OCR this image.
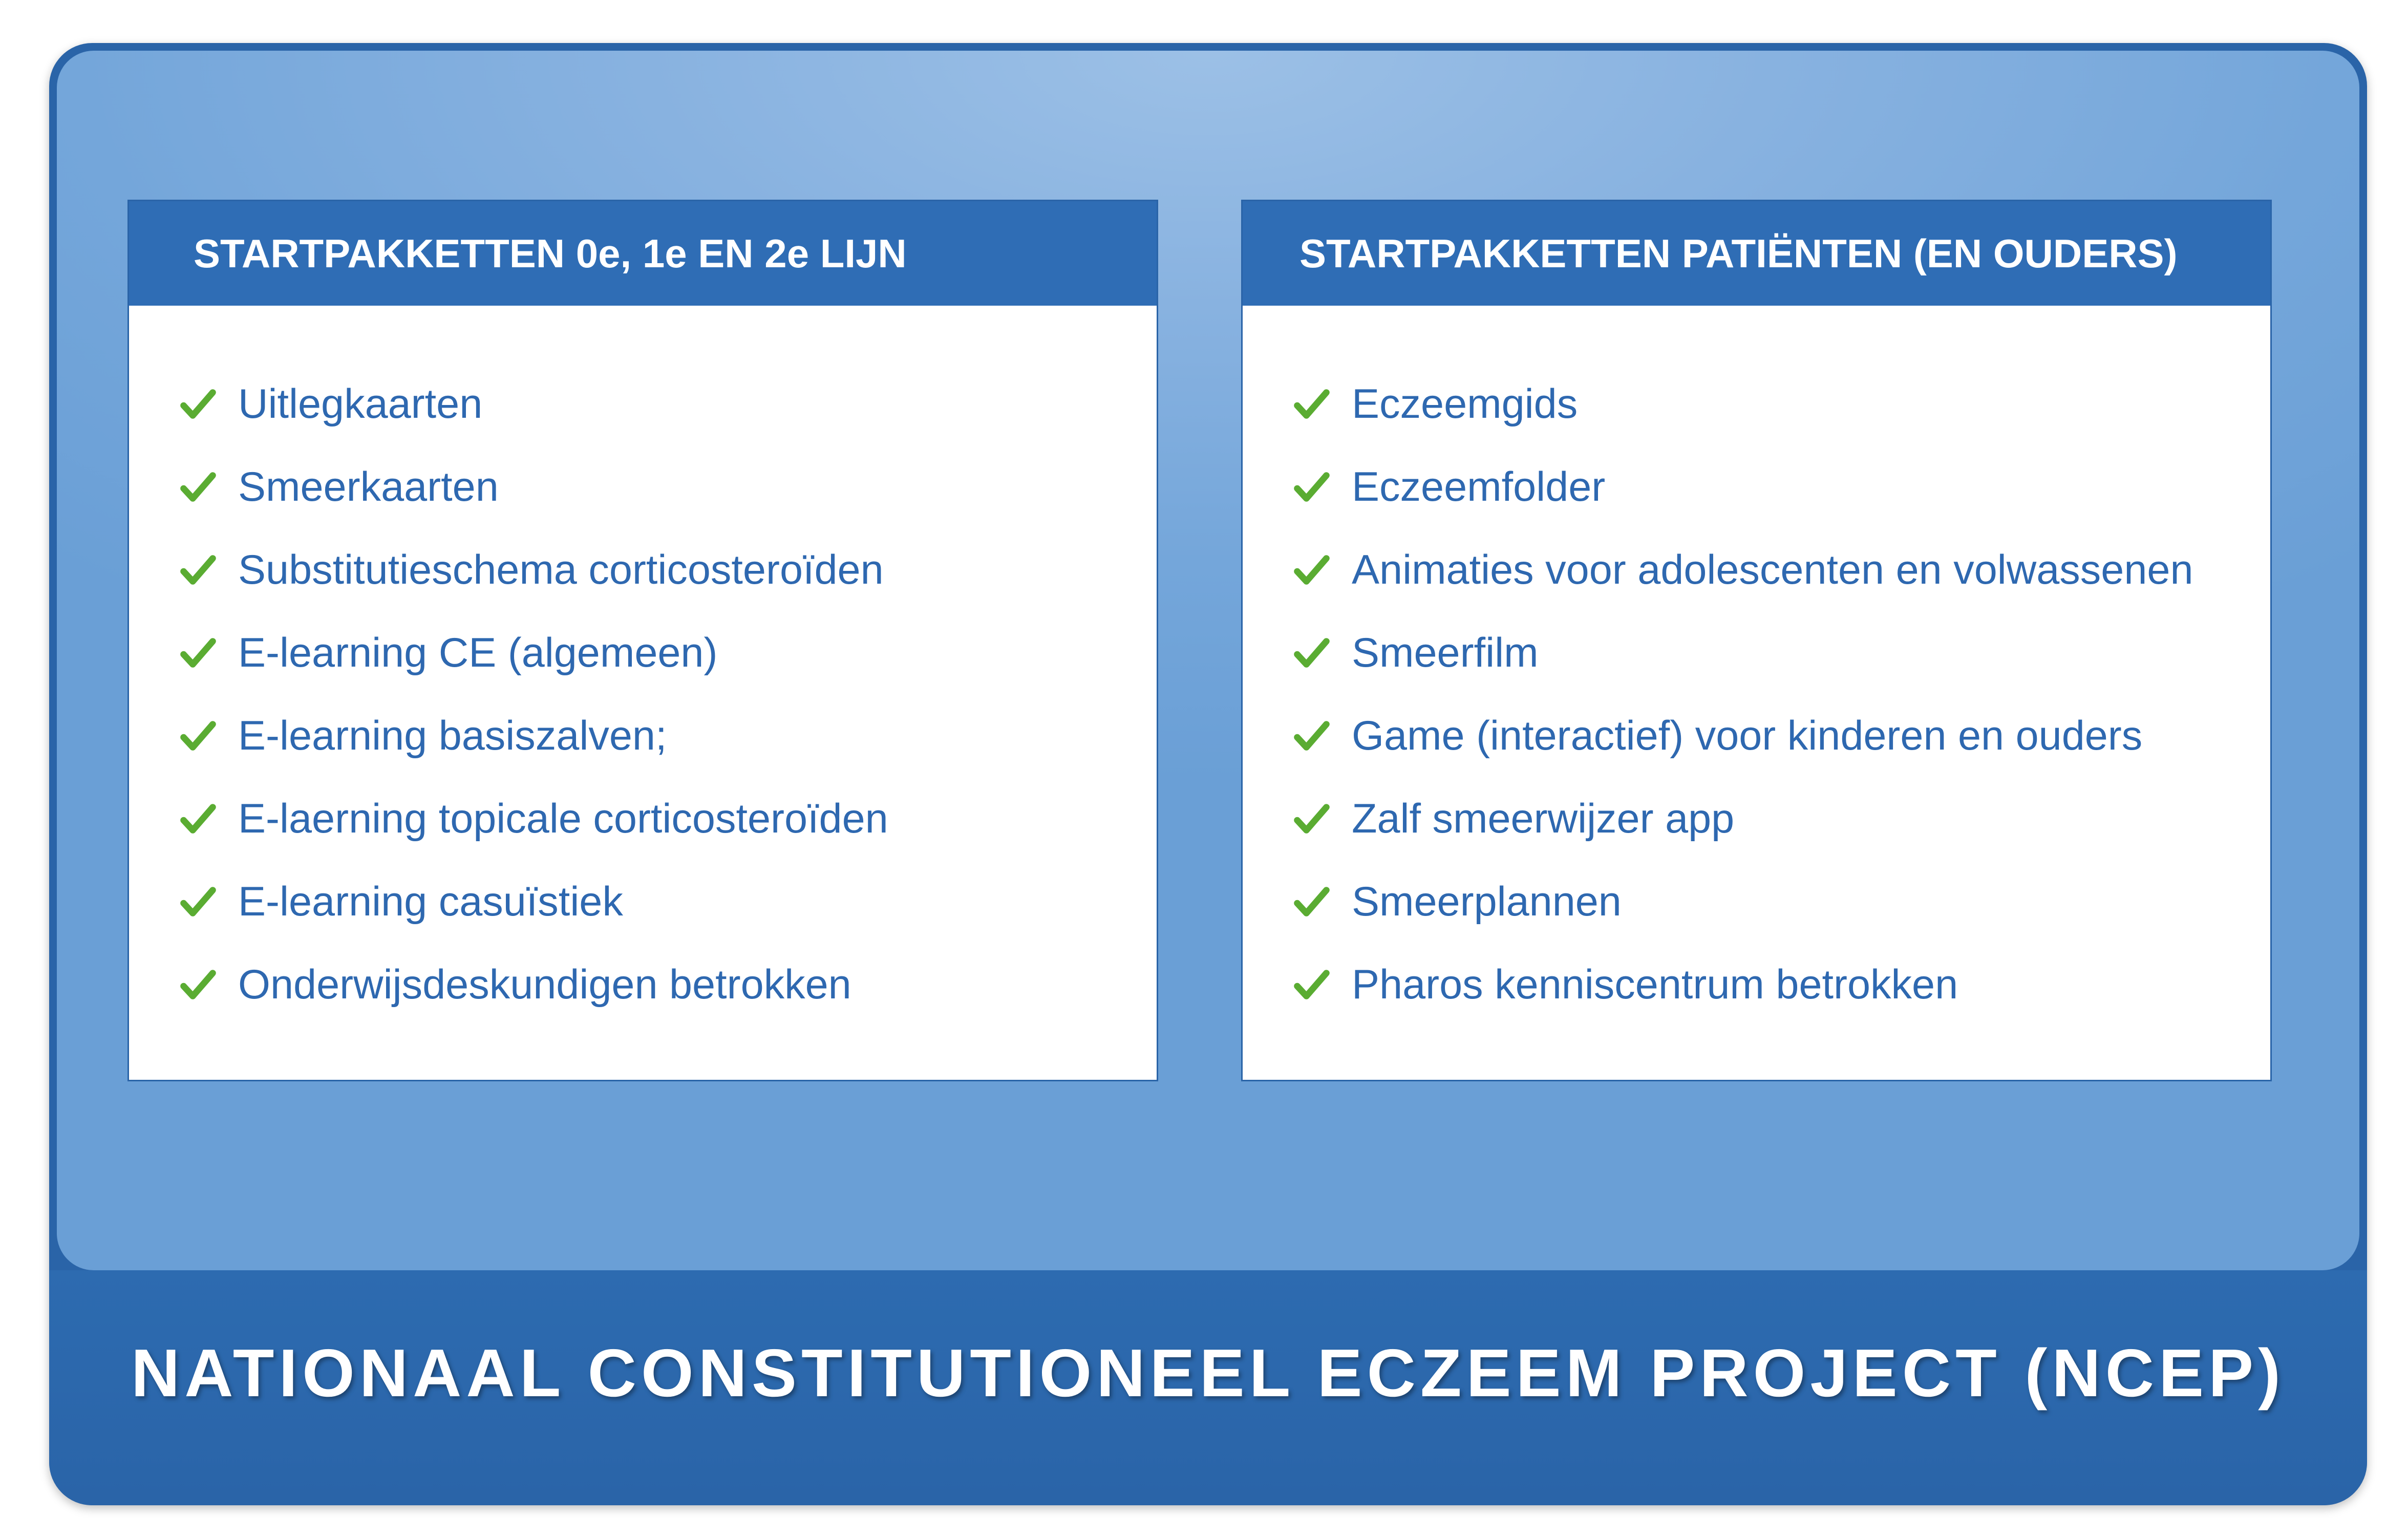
NATIONAAL CONSTITUTIONEEL ECZEEM PROJECT (NCEP)
STARTPAKKETTEN 0e, 1e EN 2e LIJN
Uitlegkaarten
Smeerkaarten
Substitutieschema corticosteroïden
E-learning CE (algemeen)
E-learning basiszalven;
E-laerning topicale corticosteroïden
E-learning casuïstiek
Onderwijsdeskundigen betrokken
STARTPAKKETTEN PATIËNTEN (EN OUDERS)
Eczeemgids
Eczeemfolder
Animaties voor adolescenten en volwassenen
Smeerfilm
Game (interactief) voor kinderen en ouders
Zalf smeerwijzer app
Smeerplannen
Pharos kenniscentrum betrokken
